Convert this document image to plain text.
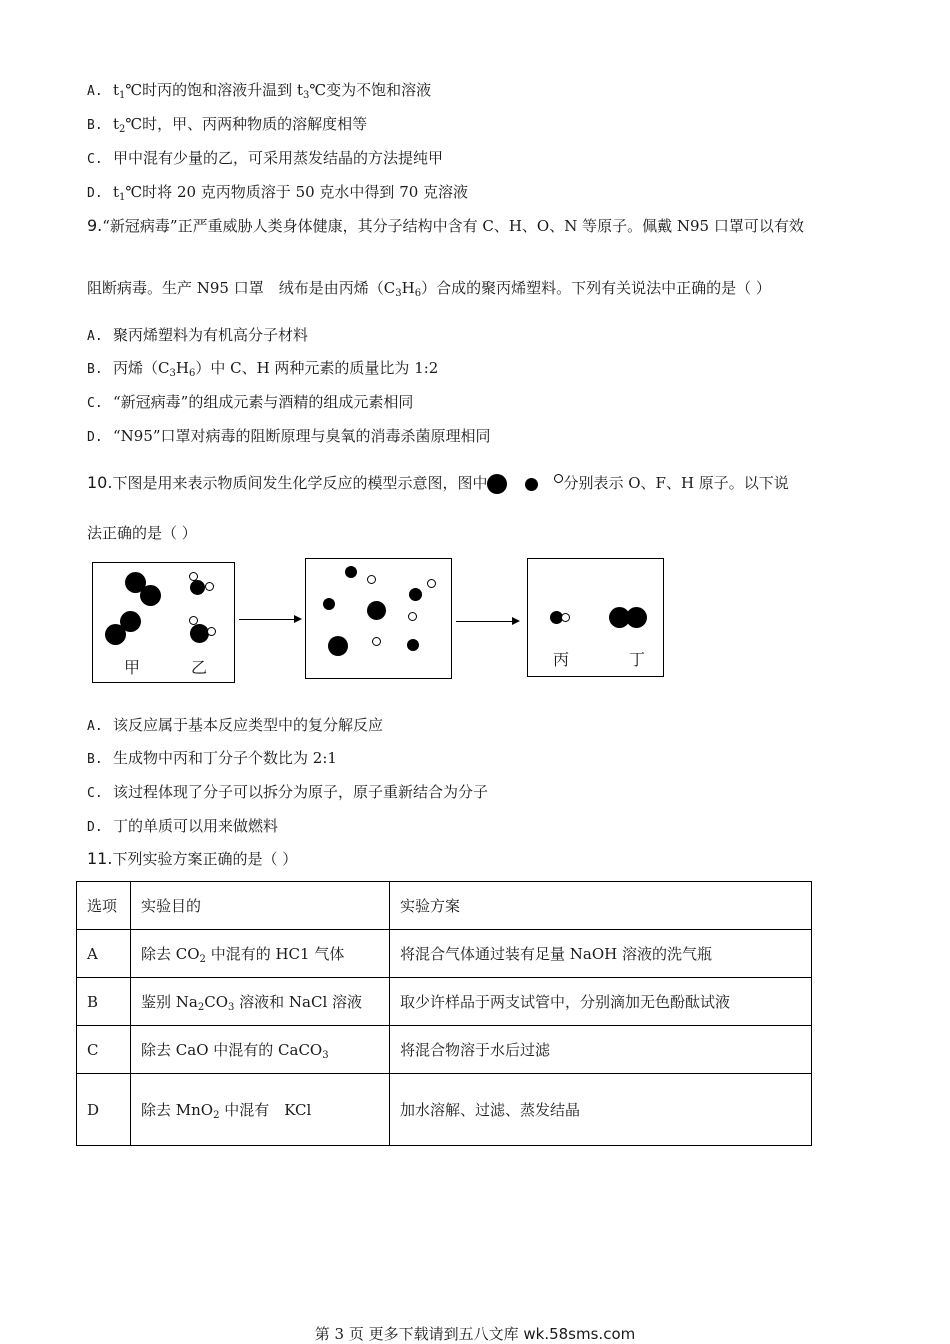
A. $t_1℃$时丙的饱和溶液升温到 $t_3℃$变为不饱和溶液
B. $t_2℃$时，甲、丙两种物质的溶解度相等
C. 甲中混有少量的乙，可采用蒸发结晶的方法提纯甲
D. $t_1℃$时将 20 克丙物质溶于 50 克水中得到 70 克溶液
9.“新冠病毒”正严重威胁人类身体健康，其分子结构中含有 C、H、O、N 等原子。佩戴 N95 口罩可以有效
阻断病毒。生产 N95 口罩　绒布是由丙烯$(C_3H_6)$合成的聚丙烯塑料。下列有关说法中正确的是（ ）
A. 聚丙烯塑料为有机高分子材料
B. 丙烯$(C_3H_6)$中 C、H 两种元素的质量比为 1:2
C. “新冠病毒”的组成元素与酒精的组成元素相同
D. “N95”口罩对病毒的阻断原理与臭氧的消毒杀菌原理相同
10.下图是用来表示物质间发生化学反应的模型示意图，图中	分别表示 O、F、H 原子。以下说
法正确的是（ ）
甲	乙	丙	丁
A. 该反应属于基本反应类型中的复分解反应
B. 生成物中丙和丁分子个数比为 2:1
C. 该过程体现了分子可以拆分为原子，原子重新结合为分子
D. 丁的单质可以用来做燃料
11.下列实验方案正确的是（ ）
选项	实验目的	实验方案
A	除去 $CO_2$ 中混有的 HC1 气体	将混合气体通过装有足量 NaOH 溶液的洗气瓶
B	鉴别 $Na_2CO_3$ 溶液和 NaCl 溶液	取少许样品于两支试管中，分别滴加无色酚酞试液
C	除去 CaO 中混有的 CaCO$_3$	将混合物溶于水后过滤
D	除去 MnO$_2$ 中混有　KCl	加水溶解、过滤、蒸发结晶
第 3 页 更多下载请到五八文库 wk.58sms.com
